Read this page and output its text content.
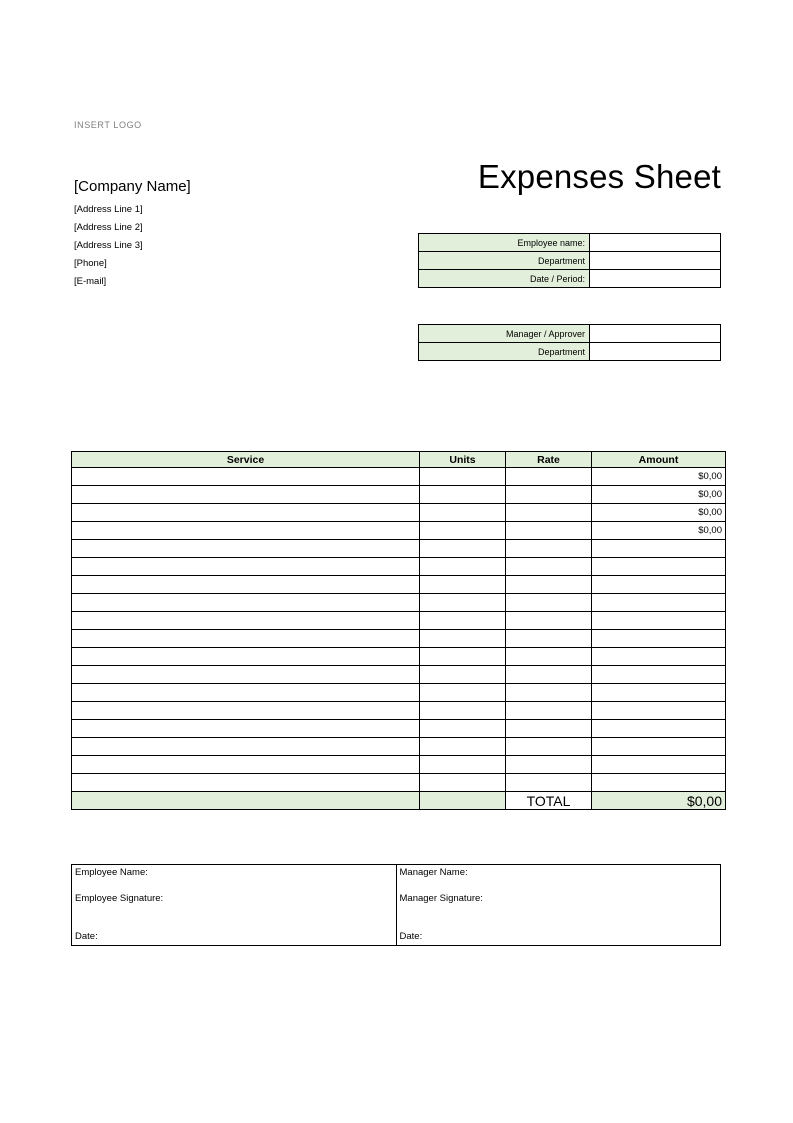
INSERT LOGO
[Company Name]	Expenses Sheet
[Address Line 1]
[Address Line 2]
[Address Line 3]
[Phone]
[E-mail]
Employee name:	
Department	
Date / Period:	
Manager / Approver	
Department	
Service	Units	Rate	Amount
			$0,00
			$0,00
			$0,00
			$0,00

		TOTAL	$0,00
Employee Name:
Employee Signature:
Date:

Manager Name:
Manager Signature:
Date:
